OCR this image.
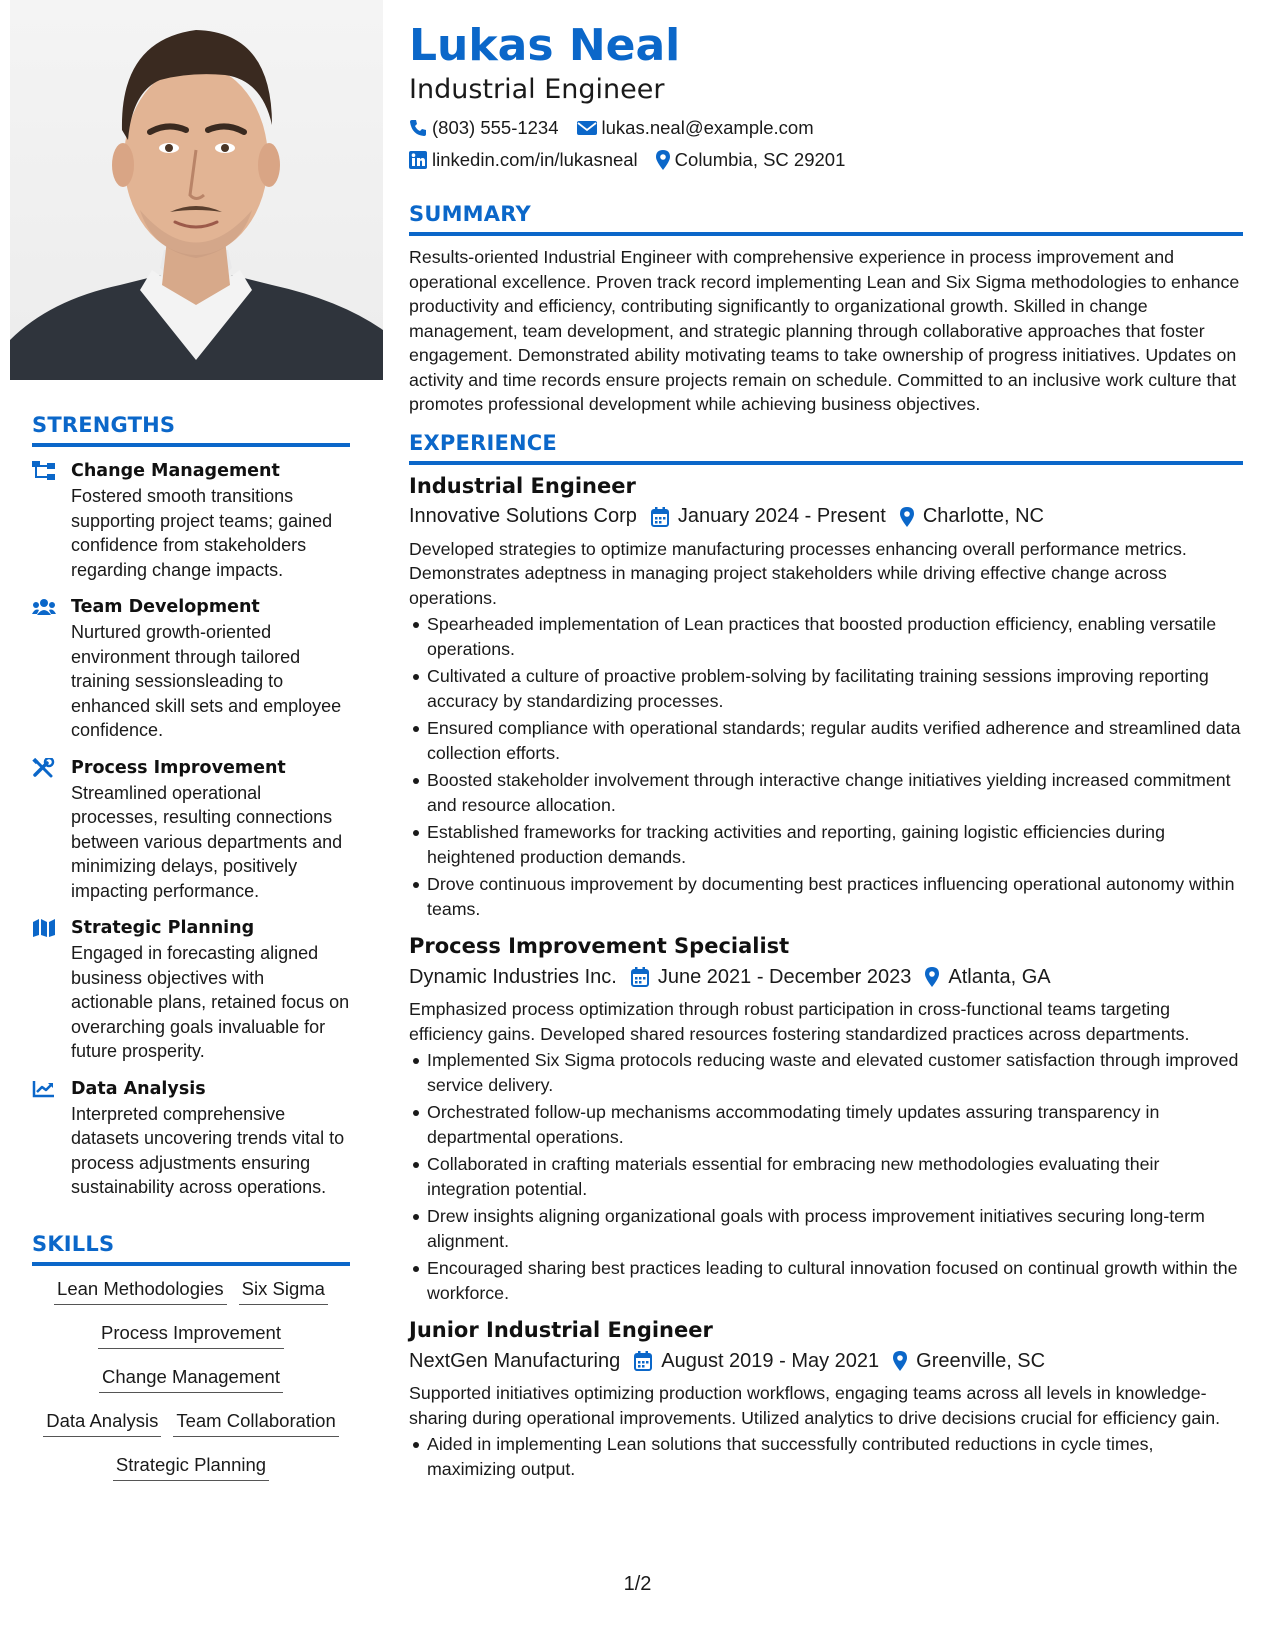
STRENGTHS
Change Management
Fostered smooth transitions supporting project teams; gained confidence from stakeholders regarding change impacts.
Team Development
Nurtured growth-oriented environment through tailored training sessionsleading to enhanced skill sets and employee confidence.
Process Improvement
Streamlined operational processes, resulting connections between various departments and minimizing delays, positively impacting performance.
Strategic Planning
Engaged in forecasting aligned business objectives with actionable plans, retained focus on overarching goals invaluable for future prosperity.
Data Analysis
Interpreted comprehensive datasets uncovering trends vital to process adjustments ensuring sustainability across operations.
SKILLS
Lean Methodologies Six Sigma
Process Improvement
Change Management
Data Analysis Team Collaboration
Strategic Planning
Lukas Neal
Industrial Engineer
(803) 555-1234 lukas.neal@example.com
linkedin.com/in/lukasneal Columbia, SC 29201
SUMMARY
Results-oriented Industrial Engineer with comprehensive experience in process improvement and operational excellence. Proven track record implementing Lean and Six Sigma methodologies to enhance productivity and efficiency, contributing significantly to organizational growth. Skilled in change management, team development, and strategic planning through collaborative approaches that foster engagement. Demonstrated ability motivating teams to take ownership of progress initiatives. Updates on activity and time records ensure projects remain on schedule. Committed to an inclusive work culture that promotes professional development while achieving business objectives.
EXPERIENCE
Industrial Engineer
Innovative Solutions Corp January 2024 - Present Charlotte, NC
Developed strategies to optimize manufacturing processes enhancing overall performance metrics. Demonstrates adeptness in managing project stakeholders while driving effective change across operations.
Spearheaded implementation of Lean practices that boosted production efficiency, enabling versatile operations.
Cultivated a culture of proactive problem-solving by facilitating training sessions improving reporting accuracy by standardizing processes.
Ensured compliance with operational standards; regular audits verified adherence and streamlined data collection efforts.
Boosted stakeholder involvement through interactive change initiatives yielding increased commitment and resource allocation.
Established frameworks for tracking activities and reporting, gaining logistic efficiencies during heightened production demands.
Drove continuous improvement by documenting best practices influencing operational autonomy within teams.
Process Improvement Specialist
Dynamic Industries Inc. June 2021 - December 2023 Atlanta, GA
Emphasized process optimization through robust participation in cross-functional teams targeting efficiency gains. Developed shared resources fostering standardized practices across departments.
Implemented Six Sigma protocols reducing waste and elevated customer satisfaction through improved service delivery.
Orchestrated follow-up mechanisms accommodating timely updates assuring transparency in departmental operations.
Collaborated in crafting materials essential for embracing new methodologies evaluating their integration potential.
Drew insights aligning organizational goals with process improvement initiatives securing long-term alignment.
Encouraged sharing best practices leading to cultural innovation focused on continual growth within the workforce.
Junior Industrial Engineer
NextGen Manufacturing August 2019 - May 2021 Greenville, SC
Supported initiatives optimizing production workflows, engaging teams across all levels in knowledge-sharing during operational improvements. Utilized analytics to drive decisions crucial for efficiency gain.
Aided in implementing Lean solutions that successfully contributed reductions in cycle times, maximizing output.
1/2
